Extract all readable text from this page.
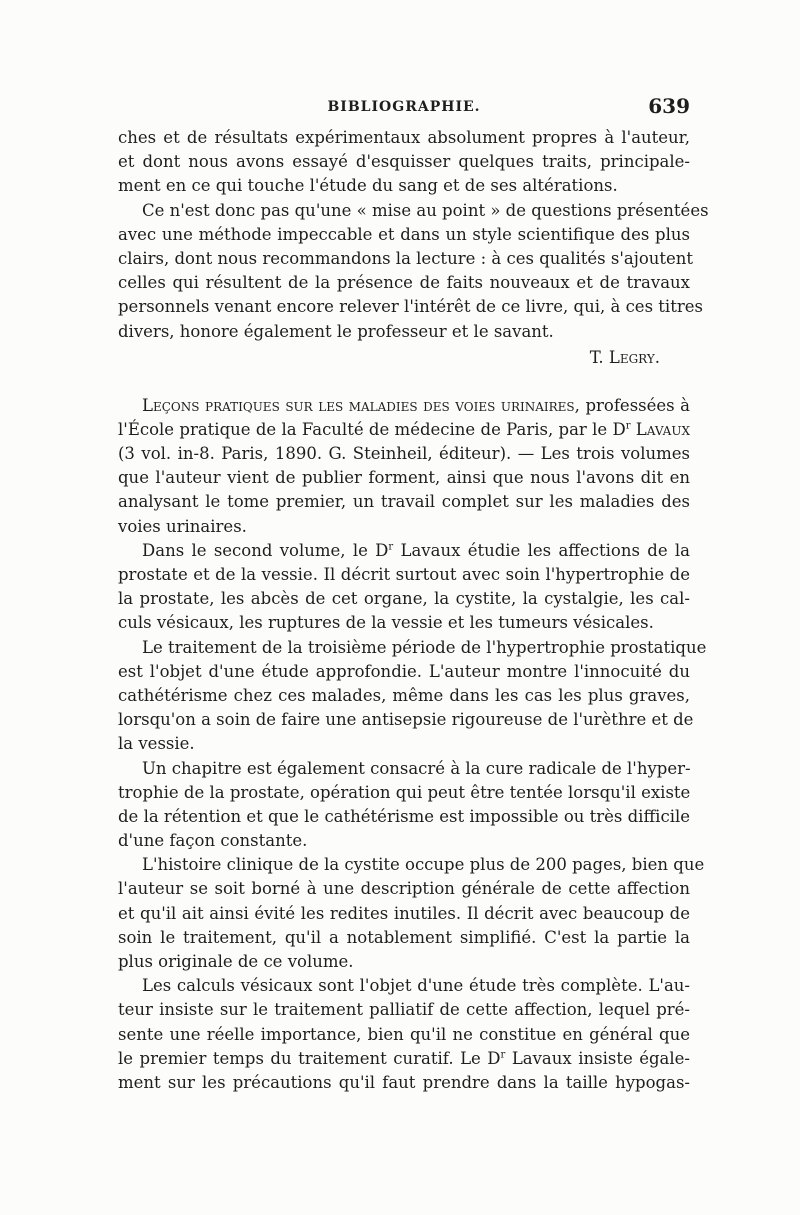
BIBLIOGRAPHIE.	639
ches et de résultats expérimentaux absolument propres à l'auteur,
et dont nous avons essayé d'esquisser quelques traits, principale-
ment en ce qui touche l'étude du sang et de ses altérations.
Ce n'est donc pas qu'une « mise au point » de questions présentées
avec une méthode impeccable et dans un style scientifique des plus
clairs, dont nous recommandons la lecture : à ces qualités s'ajoutent
celles qui résultent de la présence de faits nouveaux et de travaux
personnels venant encore relever l'intérêt de ce livre, qui, à ces titres
divers, honore également le professeur et le savant.
T. Legry.
Leçons pratiques sur les maladies des voies urinaires, professées à
l'École pratique de la Faculté de médecine de Paris, par le $D^r$ Lavaux
(3 vol. in-8. Paris, 1890. G. Steinheil, éditeur). — Les trois volumes
que l'auteur vient de publier forment, ainsi que nous l'avons dit en
analysant le tome premier, un travail complet sur les maladies des
voies urinaires.
Dans le second volume, le $D^r$ Lavaux étudie les affections de la
prostate et de la vessie. Il décrit surtout avec soin l'hypertrophie de
la prostate, les abcès de cet organe, la cystite, la cystalgie, les cal-
culs vésicaux, les ruptures de la vessie et les tumeurs vésicales.
Le traitement de la troisième période de l'hypertrophie prostatique
est l'objet d'une étude approfondie. L'auteur montre l'innocuité du
cathétérisme chez ces malades, même dans les cas les plus graves,
lorsqu'on a soin de faire une antisepsie rigoureuse de l'urèthre et de
la vessie.
Un chapitre est également consacré à la cure radicale de l'hyper-
trophie de la prostate, opération qui peut être tentée lorsqu'il existe
de la rétention et que le cathétérisme est impossible ou très difficile
d'une façon constante.
L'histoire clinique de la cystite occupe plus de 200 pages, bien que
l'auteur se soit borné à une description générale de cette affection
et qu'il ait ainsi évité les redites inutiles. Il décrit avec beaucoup de
soin le traitement, qu'il a notablement simplifié. C'est la partie la
plus originale de ce volume.
Les calculs vésicaux sont l'objet d'une étude très complète. L'au-
teur insiste sur le traitement palliatif de cette affection, lequel pré-
sente une réelle importance, bien qu'il ne constitue en général que
le premier temps du traitement curatif. Le $D^r$ Lavaux insiste égale-
ment sur les précautions qu'il faut prendre dans la taille hypogas-
